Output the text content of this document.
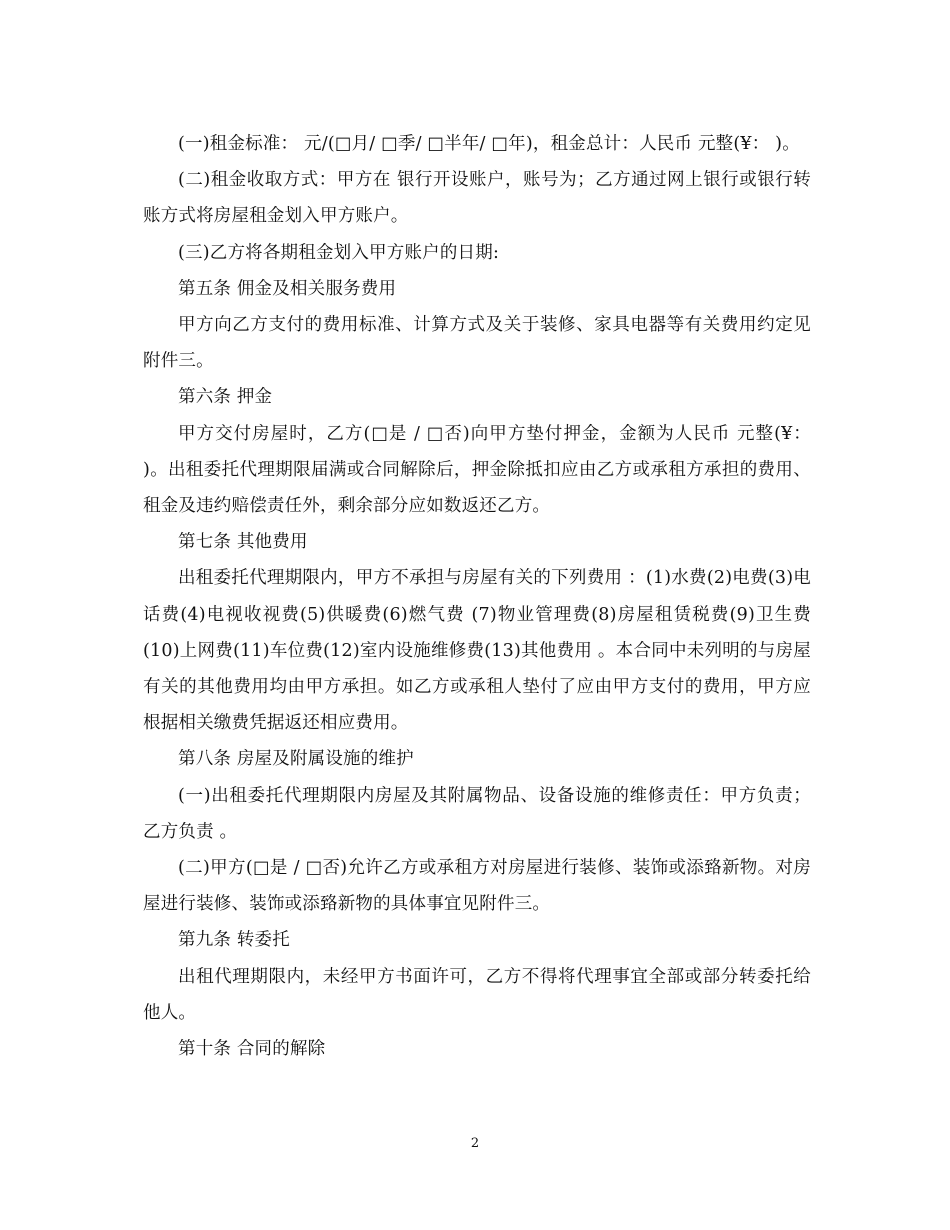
(一)租金标准： 元/(□月/ □季/ □半年/ □年)，租金总计：人民币 元整(¥： )。

(二)租金收取方式：甲方在 银行开设账户，账号为；乙方通过网上银行或银行转账方式将房屋租金划入甲方账户。

(三)乙方将各期租金划入甲方账户的日期:

第五条 佣金及相关服务费用

甲方向乙方支付的费用标准、计算方式及关于装修、家具电器等有关费用约定见附件三。

第六条 押金

甲方交付房屋时，乙方(□是 / □否)向甲方垫付押金，金额为人民币 元整(¥： )。出租委托代理期限届满或合同解除后，押金除抵扣应由乙方或承租方承担的费用、租金及违约赔偿责任外，剩余部分应如数返还乙方。

第七条 其他费用

出租委托代理期限内，甲方不承担与房屋有关的下列费用 ：(1)水费(2)电费(3)电话费(4)电视收视费(5)供暖费(6)燃气费 (7)物业管理费(8)房屋租赁税费(9)卫生费(10)上网费(11)车位费(12)室内设施维修费(13)其他费用 。本合同中未列明的与房屋有关的其他费用均由甲方承担。如乙方或承租人垫付了应由甲方支付的费用，甲方应根据相关缴费凭据返还相应费用。

第八条 房屋及附属设施的维护

(一)出租委托代理期限内房屋及其附属物品、设备设施的维修责任：甲方负责；乙方负责 。

(二)甲方(□是 / □否)允许乙方或承租方对房屋进行装修、装饰或添臵新物。对房屋进行装修、装饰或添臵新物的具体事宜见附件三。

第九条 转委托

出租代理期限内，未经甲方书面许可，乙方不得将代理事宜全部或部分转委托给他人。

第十条 合同的解除

2
